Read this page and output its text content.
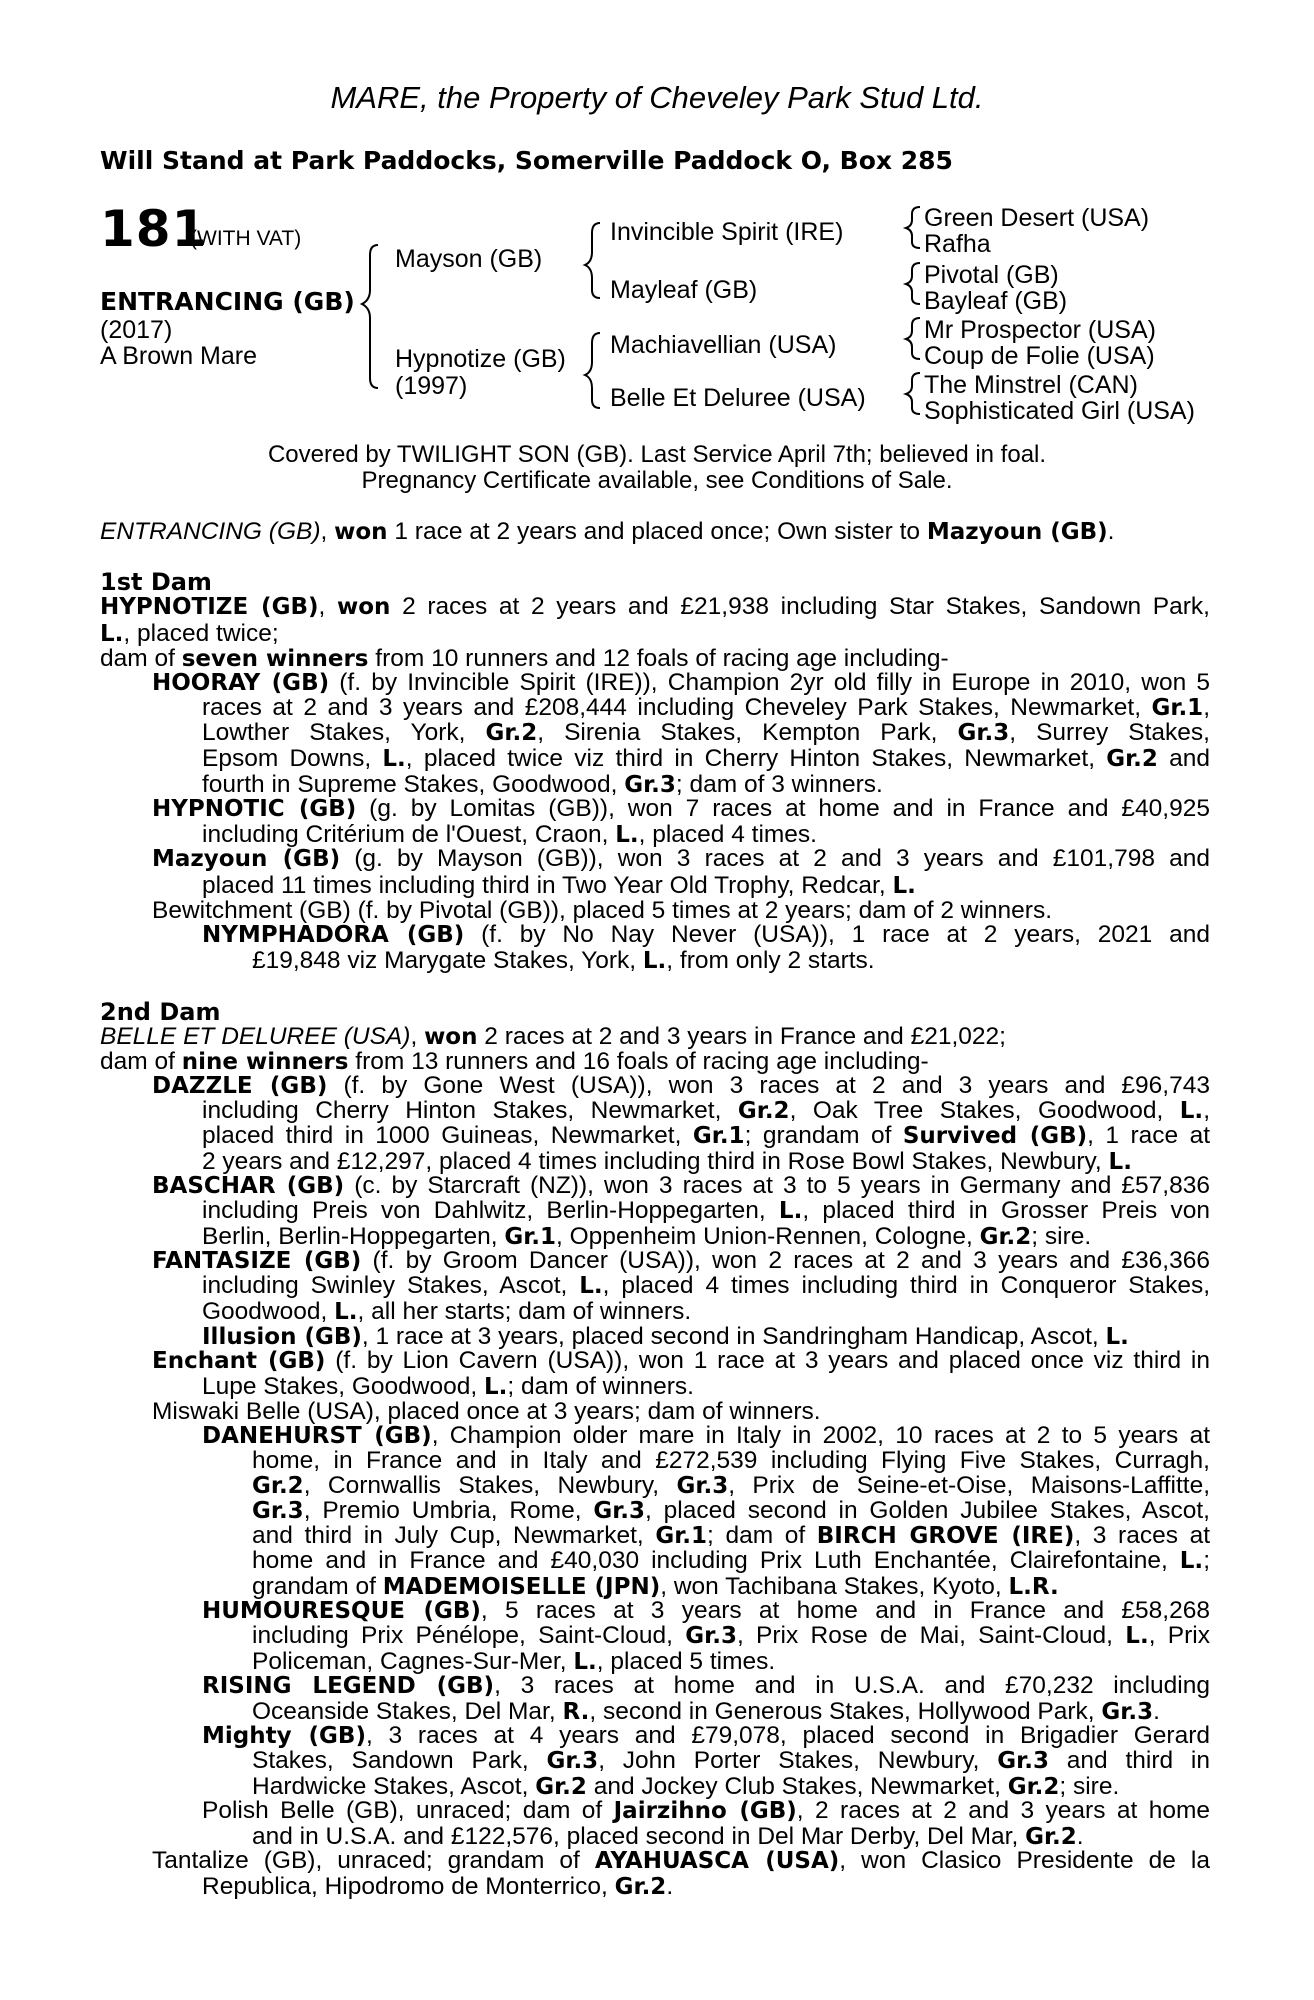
MARE, the Property of Cheveley Park Stud Ltd.
Will Stand at Park Paddocks, Somerville Paddock O, Box 285
181
(WITH VAT)
ENTRANCING (GB)
(2017)
A Brown Mare
Mayson (GB)
Hypnotize (GB)
(1997)
Invincible Spirit (IRE)
Mayleaf (GB)
Machiavellian (USA)
Belle Et Deluree (USA)
Green Desert (USA)
Rafha
Pivotal (GB)
Bayleaf (GB)
Mr Prospector (USA)
Coup de Folie (USA)
The Minstrel (CAN)
Sophisticated Girl (USA)
Covered by TWILIGHT SON (GB). Last Service April 7th; believed in foal.
Pregnancy Certificate available, see Conditions of Sale.
ENTRANCING (GB), won 1 race at 2 years and placed once; Own sister to Mazyoun (GB).
1st Dam
HYPNOTIZE (GB), won 2 races at 2 years and £21,938 including Star Stakes, Sandown Park,
L., placed twice;
dam of seven winners from 10 runners and 12 foals of racing age including-
HOORAY (GB) (f. by Invincible Spirit (IRE)), Champion 2yr old filly in Europe in 2010, won 5
races at 2 and 3 years and £208,444 including Cheveley Park Stakes, Newmarket, Gr.1,
Lowther Stakes, York, Gr.2, Sirenia Stakes, Kempton Park, Gr.3, Surrey Stakes,
Epsom Downs, L., placed twice viz third in Cherry Hinton Stakes, Newmarket, Gr.2 and
fourth in Supreme Stakes, Goodwood, Gr.3; dam of 3 winners.
HYPNOTIC (GB) (g. by Lomitas (GB)), won 7 races at home and in France and £40,925
including Critérium de l'Ouest, Craon, L., placed 4 times.
Mazyoun (GB) (g. by Mayson (GB)), won 3 races at 2 and 3 years and £101,798 and
placed 11 times including third in Two Year Old Trophy, Redcar, L.
Bewitchment (GB) (f. by Pivotal (GB)), placed 5 times at 2 years; dam of 2 winners.
NYMPHADORA (GB) (f. by No Nay Never (USA)), 1 race at 2 years, 2021 and
£19,848 viz Marygate Stakes, York, L., from only 2 starts.
2nd Dam
BELLE ET DELUREE (USA), won 2 races at 2 and 3 years in France and £21,022;
dam of nine winners from 13 runners and 16 foals of racing age including-
DAZZLE (GB) (f. by Gone West (USA)), won 3 races at 2 and 3 years and £96,743
including Cherry Hinton Stakes, Newmarket, Gr.2, Oak Tree Stakes, Goodwood, L.,
placed third in 1000 Guineas, Newmarket, Gr.1; grandam of Survived (GB), 1 race at
2 years and £12,297, placed 4 times including third in Rose Bowl Stakes, Newbury, L.
BASCHAR (GB) (c. by Starcraft (NZ)), won 3 races at 3 to 5 years in Germany and £57,836
including Preis von Dahlwitz, Berlin-Hoppegarten, L., placed third in Grosser Preis von
Berlin, Berlin-Hoppegarten, Gr.1, Oppenheim Union-Rennen, Cologne, Gr.2; sire.
FANTASIZE (GB) (f. by Groom Dancer (USA)), won 2 races at 2 and 3 years and £36,366
including Swinley Stakes, Ascot, L., placed 4 times including third in Conqueror Stakes,
Goodwood, L., all her starts; dam of winners.
Illusion (GB), 1 race at 3 years, placed second in Sandringham Handicap, Ascot, L.
Enchant (GB) (f. by Lion Cavern (USA)), won 1 race at 3 years and placed once viz third in
Lupe Stakes, Goodwood, L.; dam of winners.
Miswaki Belle (USA), placed once at 3 years; dam of winners.
DANEHURST (GB), Champion older mare in Italy in 2002, 10 races at 2 to 5 years at
home, in France and in Italy and £272,539 including Flying Five Stakes, Curragh,
Gr.2, Cornwallis Stakes, Newbury, Gr.3, Prix de Seine-et-Oise, Maisons-Laffitte,
Gr.3, Premio Umbria, Rome, Gr.3, placed second in Golden Jubilee Stakes, Ascot,
and third in July Cup, Newmarket, Gr.1; dam of BIRCH GROVE (IRE), 3 races at
home and in France and £40,030 including Prix Luth Enchantée, Clairefontaine, L.;
grandam of MADEMOISELLE (JPN), won Tachibana Stakes, Kyoto, L.R.
HUMOURESQUE (GB), 5 races at 3 years at home and in France and £58,268
including Prix Pénélope, Saint-Cloud, Gr.3, Prix Rose de Mai, Saint-Cloud, L., Prix
Policeman, Cagnes-Sur-Mer, L., placed 5 times.
RISING LEGEND (GB), 3 races at home and in U.S.A. and £70,232 including
Oceanside Stakes, Del Mar, R., second in Generous Stakes, Hollywood Park, Gr.3.
Mighty (GB), 3 races at 4 years and £79,078, placed second in Brigadier Gerard
Stakes, Sandown Park, Gr.3, John Porter Stakes, Newbury, Gr.3 and third in
Hardwicke Stakes, Ascot, Gr.2 and Jockey Club Stakes, Newmarket, Gr.2; sire.
Polish Belle (GB), unraced; dam of Jairzihno (GB), 2 races at 2 and 3 years at home
and in U.S.A. and £122,576, placed second in Del Mar Derby, Del Mar, Gr.2.
Tantalize (GB), unraced; grandam of AYAHUASCA (USA), won Clasico Presidente de la
Republica, Hipodromo de Monterrico, Gr.2.
